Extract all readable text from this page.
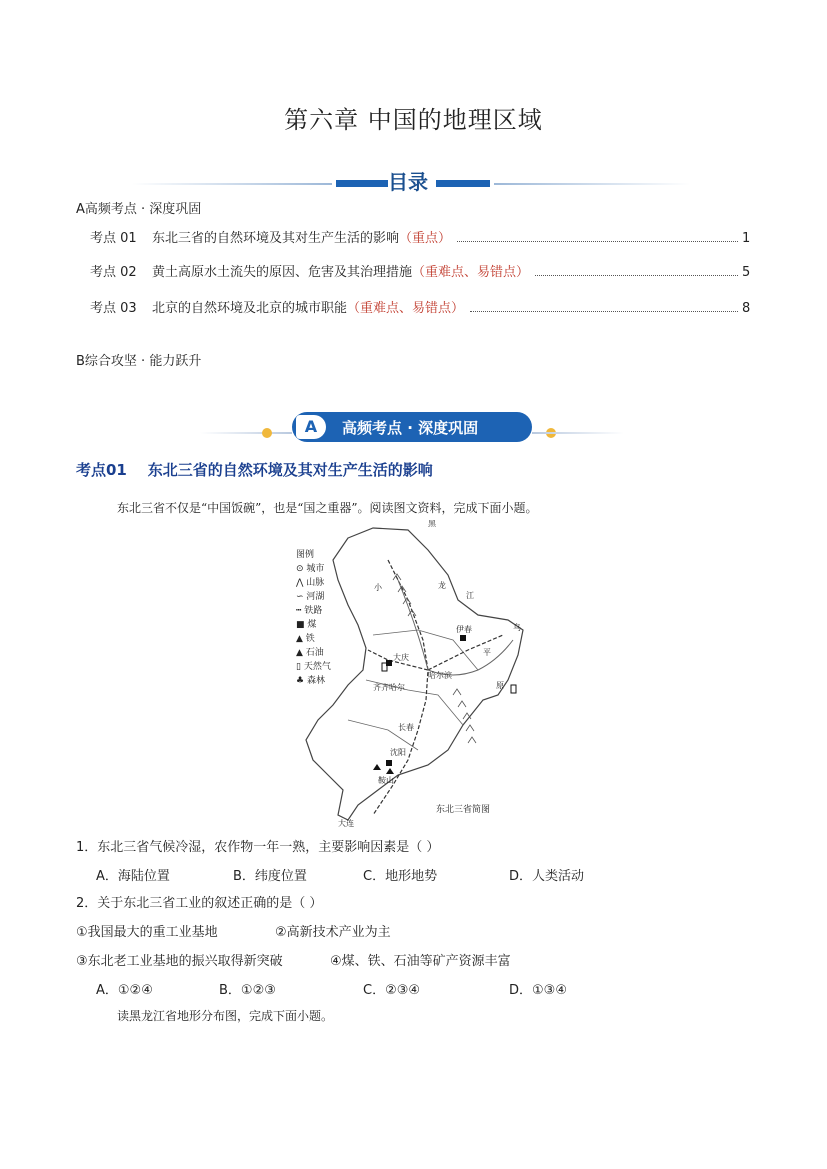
第六章 中国的地理区域
目录
A高频考点 · 深度巩固
考点 01	东北三省的自然环境及其对生产生活的影响 （重点）	1
考点 02	黄土高原水土流失的原因、危害及其治理措施 （重难点、易错点）	5
考点 03	北京的自然环境及北京的城市职能 （重难点、易错点）	8
B综合攻坚 · 能力跃升
A	高频考点 · 深度巩固
考点01 东北三省的自然环境及其对生产生活的影响
东北三省不仅是“中国饭碗”，也是“国之重器”。阅读图文资料，完成下面小题。
黑
龙
江
小
伊春
哈尔滨
大庆
齐齐哈尔
长春
沈阳
鞍山
大连
原
乌
平
东北三省简图
图例
⊙ 城市
⋀ 山脉
∽ 河湖
┅ 铁路
■ 煤
▲ 铁
▲ 石油
▯ 天然气
♣ 森林
1．东北三省气候冷湿，农作物一年一熟，主要影响因素是（ ）
A．海陆位置	B．纬度位置	C．地形地势	D．人类活动
2．关于东北三省工业的叙述正确的是（ ）
①我国最大的重工业基地	②高新技术产业为主
③东北老工业基地的振兴取得新突破	④煤、铁、石油等矿产资源丰富
A．①②④	B．①②③	C．②③④	D．①③④
读黑龙江省地形分布图，完成下面小题。
